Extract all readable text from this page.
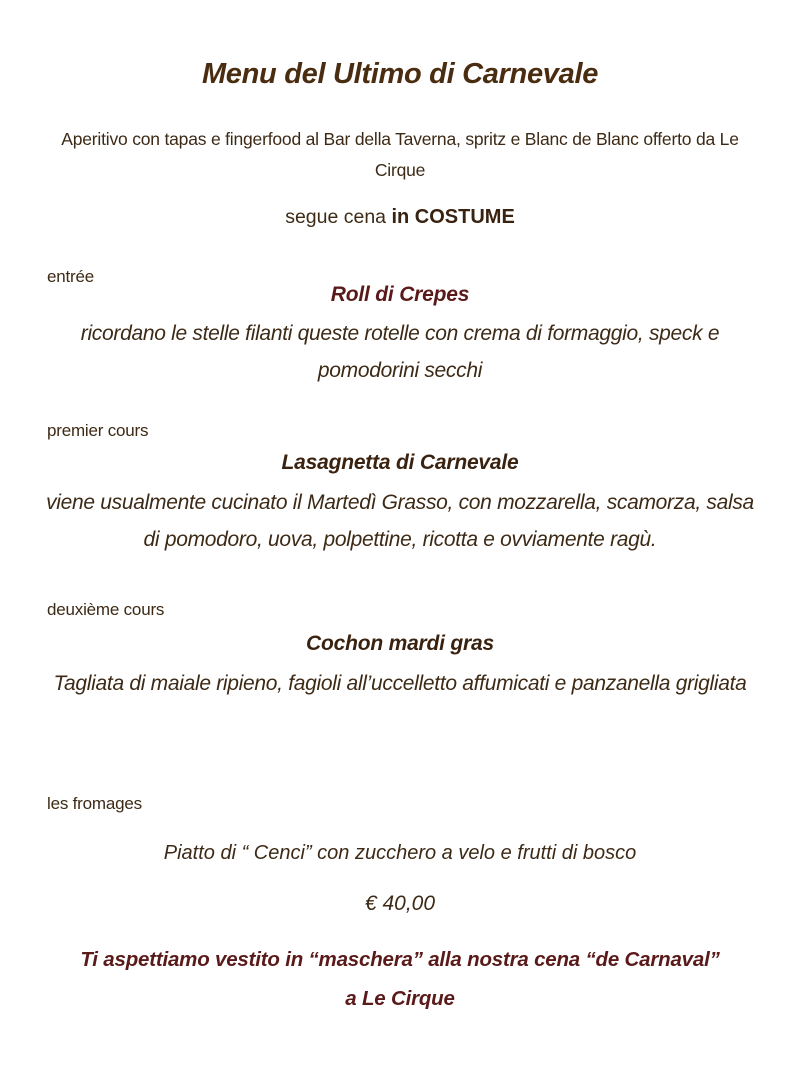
Menu del Ultimo di Carnevale
Aperitivo con tapas e fingerfood al Bar della Taverna, spritz e Blanc de Blanc offerto da Le Cirque
segue cena in COSTUME
entrée
Roll di Crepes
ricordano le stelle filanti queste rotelle con crema di formaggio, speck e pomodorini secchi
premier cours
Lasagnetta di Carnevale
viene usualmente cucinato il Martedì Grasso, con mozzarella, scamorza, salsa di pomodoro, uova, polpettine, ricotta e ovviamente ragù.
deuxième cours
Cochon mardi gras
Tagliata di maiale ripieno, fagioli all’uccelletto affumicati e panzanella grigliata
les fromages
Piatto di “ Cenci” con zucchero a velo e frutti di bosco
€ 40,00
Ti aspettiamo vestito in “maschera” alla nostra cena “de Carnaval”
a Le Cirque
